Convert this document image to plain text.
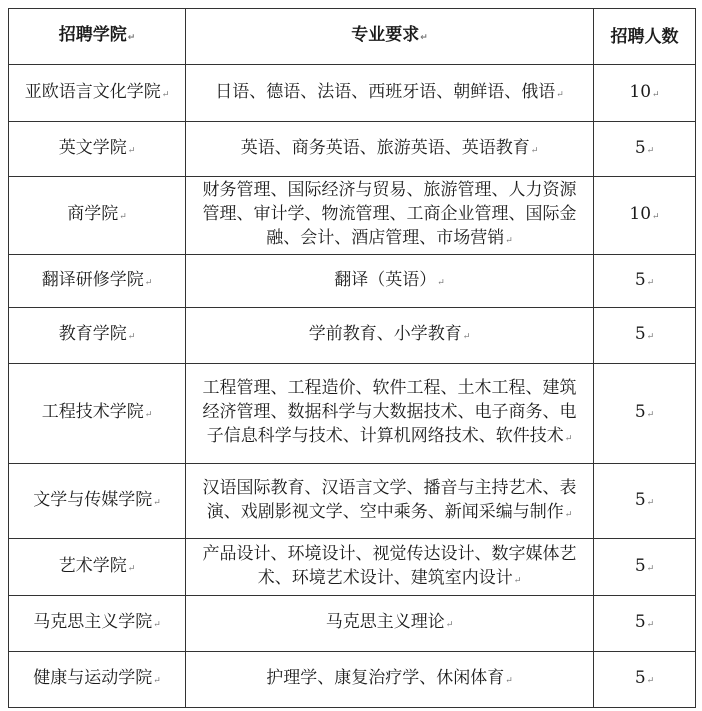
招聘学院 ↵	专业要求 ↵	招聘人数
亚欧语言文化学院 ↵	日语、德语、法语、西班牙语、朝鲜语、俄语 ↵	10 ↵
英文学院 ↵	英语、商务英语、旅游英语、英语教育 ↵	5 ↵
商学院 ↵	财务管理、国际经济与贸易、旅游管理、人力资源管理、审计学、物流管理、工商企业管理、国际金融、会计、酒店管理、市场营销 ↵	10 ↵
翻译研修学院 ↵	翻译（英语） ↵	5 ↵
教育学院 ↵	学前教育、小学教育 ↵	5 ↵
工程技术学院 ↵	工程管理、工程造价、软件工程、土木工程、建筑经济管理、数据科学与大数据技术、电子商务、电子信息科学与技术、计算机网络技术、软件技术 ↵	5 ↵
文学与传媒学院 ↵	汉语国际教育、汉语言文学、播音与主持艺术、表演、戏剧影视文学、空中乘务、新闻采编与制作 ↵	5 ↵
艺术学院 ↵	产品设计、环境设计、视觉传达设计、数字媒体艺术、环境艺术设计、建筑室内设计 ↵	5 ↵
马克思主义学院 ↵	马克思主义理论 ↵	5 ↵
健康与运动学院 ↵	护理学、康复治疗学、休闲体育 ↵	5 ↵
